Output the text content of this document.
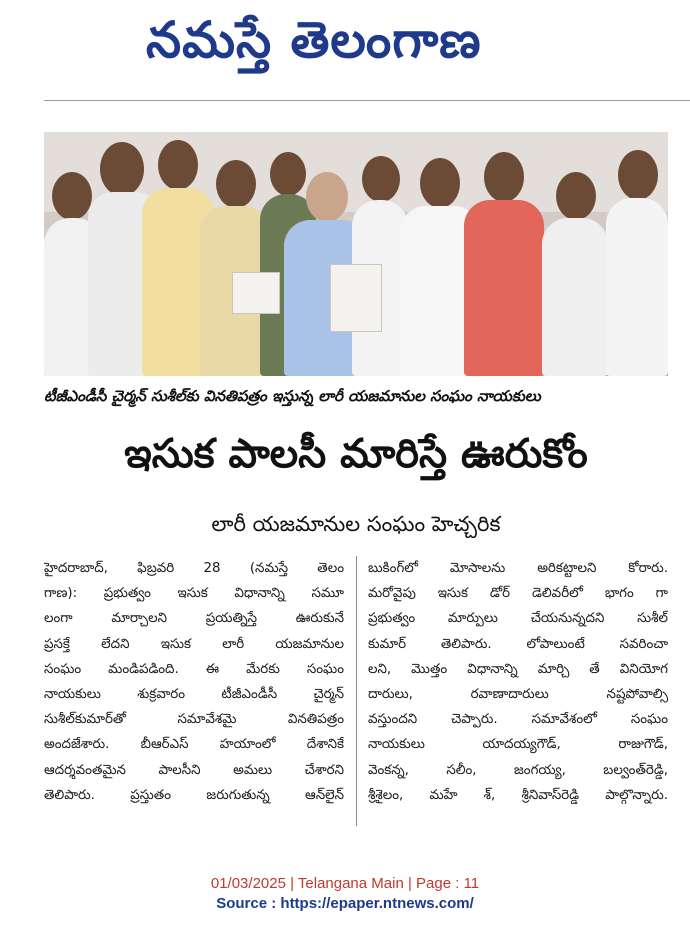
నమస్తే తెలంగాణ
టీజీఎండీసీ చైర్మన్ సుశీల్‌కు వినతిపత్రం ఇస్తున్న లారీ యజమానుల సంఘం నాయకులు
ఇసుక పాలసీ మారిస్తే ఊరుకోం
లారీ యజమానుల సంఘం హెచ్చరిక
హైదరాబాద్, ఫిబ్రవరి 28 (నమస్తే తెలం
గాణ): ప్రభుత్వం ఇసుక విధానాన్ని సమూ
లంగా మార్చాలని ప్రయత్నిస్తే ఊరుకునే
ప్రసక్తే లేదని ఇసుక లారీ యజమానుల
సంఘం మండిపడింది. ఈ మేరకు సంఘం
నాయకులు శుక్రవారం టీజీఎండీసీ చైర్మన్
సుశీల్‌కుమార్‌తో సమావేశమై వినతిపత్రం
అందజేశారు. బీఆర్‌ఎస్ హయాంలో దేశానికే
ఆదర్శవంతమైన పాలసీని అమలు చేశారని
తెలిపారు. ప్రస్తుతం జరుగుతున్న ఆన్‌లైన్
బుకింగ్‌లో మోసాలను అరికట్టాలని కోరారు.
మరోవైపు ఇసుక డోర్ డెలివరీలో భాగం గా
ప్రభుత్వం మార్పులు చేయనున్నదని సుశీల్
కుమార్ తెలిపారు. లోపాలుంటే సవరించా
లని, మొత్తం విధానాన్ని మార్చి తే వినియోగ
దారులు, రవాణాదారులు నష్టపోవాల్సి
వస్తుందని చెప్పారు. సమావేశంలో సంఘం
నాయకులు యాదయ్యగౌడ్, రాజుగౌడ్,
వెంకన్న, సలీం, జంగయ్య, బల్వంత్‌రెడ్డి,
శ్రీశైలం, మహే శ్, శ్రీనివాస్‌రెడ్డి పాల్గొన్నారు.
01/03/2025 | Telangana Main | Page : 11
Source : https://epaper.ntnews.com/
